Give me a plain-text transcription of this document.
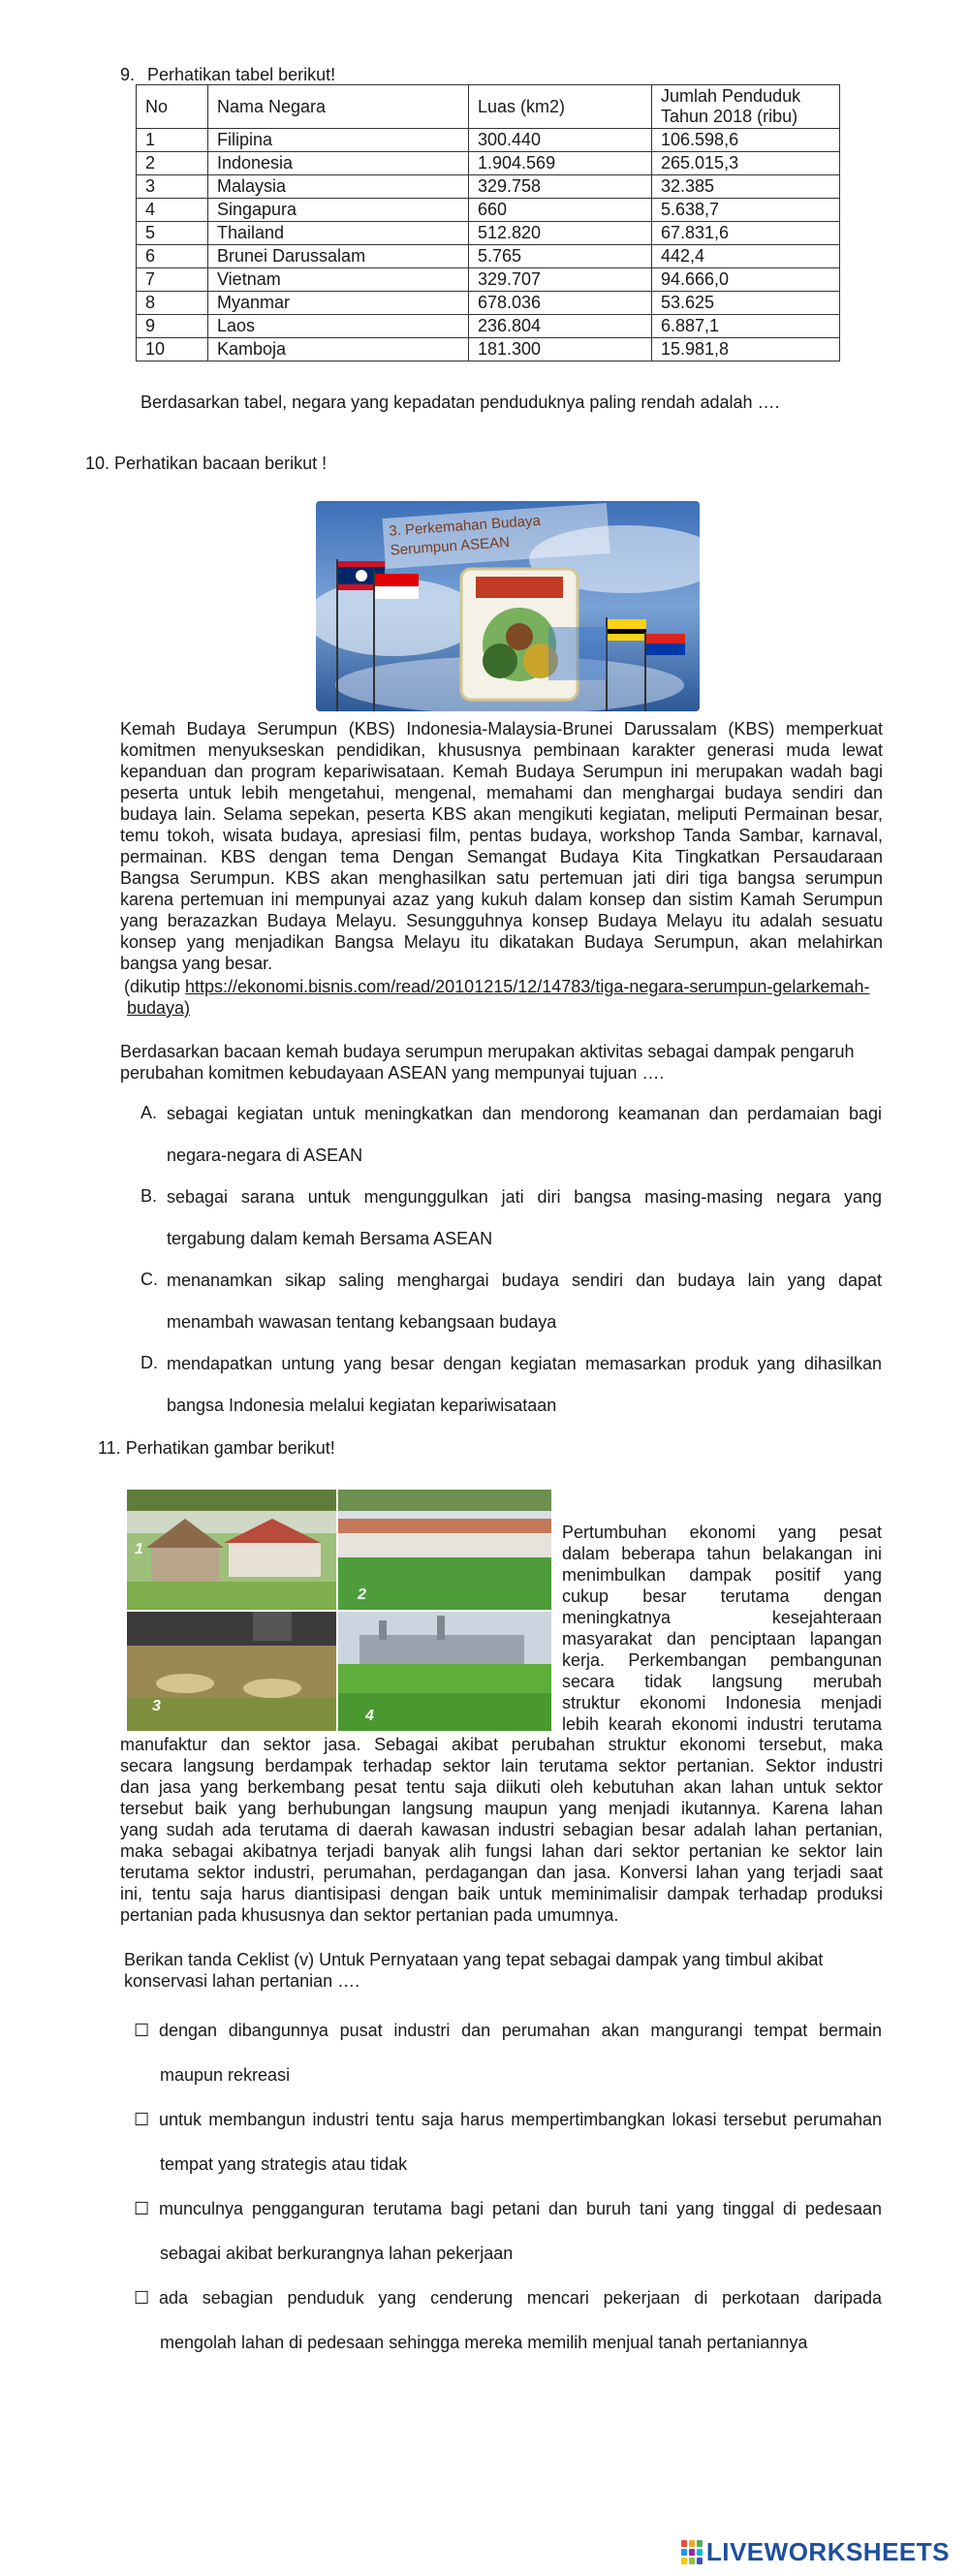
9. Perhatikan tabel berikut!
No	Nama Negara	Luas (km2)	Jumlah Penduduk Tahun 2018 (ribu)
1	Filipina	300.440	106.598,6
2	Indonesia	1.904.569	265.015,3
3	Malaysia	329.758	32.385
4	Singapura	660	5.638,7
5	Thailand	512.820	67.831,6
6	Brunei Darussalam	5.765	442,4
7	Vietnam	329.707	94.666,0
8	Myanmar	678.036	53.625
9	Laos	236.804	6.887,1
10	Kamboja	181.300	15.981,8
Berdasarkan tabel, negara yang kepadatan penduduknya paling rendah adalah ….
10. Perhatikan bacaan berikut !
3. Perkemahan Budaya Serumpun ASEAN
Kemah Budaya Serumpun (KBS) Indonesia-Malaysia-Brunei Darussalam (KBS) memperkuat
komitmen menyukseskan pendidikan, khususnya pembinaan karakter generasi muda lewat
kepanduan dan program kepariwisataan. Kemah Budaya Serumpun ini merupakan wadah bagi
peserta untuk lebih mengetahui, mengenal, memahami dan menghargai budaya sendiri dan
budaya lain. Selama sepekan, peserta KBS akan mengikuti kegiatan, meliputi Permainan besar,
temu tokoh, wisata budaya, apresiasi film, pentas budaya, workshop Tanda Sambar, karnaval,
permainan. KBS dengan tema Dengan Semangat Budaya Kita Tingkatkan Persaudaraan
Bangsa Serumpun. KBS akan menghasilkan satu pertemuan jati diri tiga bangsa serumpun
karena pertemuan ini mempunyai azaz yang kukuh dalam konsep dan sistim Kamah Serumpun
yang berazazkan Budaya Melayu. Sesungguhnya konsep Budaya Melayu itu adalah sesuatu
konsep yang menjadikan Bangsa Melayu itu dikatakan Budaya Serumpun, akan melahirkan
bangsa yang besar.
(dikutip https://ekonomi.bisnis.com/read/20101215/12/14783/tiga-negara-serumpun-gelarkemah-
budaya)
Berdasarkan bacaan kemah budaya serumpun merupakan aktivitas sebagai dampak pengaruh
perubahan komitmen kebudayaan ASEAN yang mempunyai tujuan ….
A. sebagai kegiatan untuk meningkatkan dan mendorong keamanan dan perdamaian bagi
negara-negara di ASEAN
B. sebagai sarana untuk mengunggulkan jati diri bangsa masing-masing negara yang
tergabung dalam kemah Bersama ASEAN
C. menanamkan sikap saling menghargai budaya sendiri dan budaya lain yang dapat
menambah wawasan tentang kebangsaan budaya
D. mendapatkan untung yang besar dengan kegiatan memasarkan produk yang dihasilkan
bangsa Indonesia melalui kegiatan kepariwisataan
11. Perhatikan gambar berikut!
1
2
3
4
Pertumbuhan ekonomi yang pesat
dalam beberapa tahun belakangan ini
menimbulkan dampak positif yang
cukup besar terutama dengan
meningkatnya kesejahteraan
masyarakat dan penciptaan lapangan
kerja. Perkembangan pembangunan
secara tidak langsung merubah
struktur ekonomi Indonesia menjadi
lebih kearah ekonomi industri terutama
manufaktur dan sektor jasa. Sebagai akibat perubahan struktur ekonomi tersebut, maka
secara langsung berdampak terhadap sektor lain terutama sektor pertanian. Sektor industri
dan jasa yang berkembang pesat tentu saja diikuti oleh kebutuhan akan lahan untuk sektor
tersebut baik yang berhubungan langsung maupun yang menjadi ikutannya. Karena lahan
yang sudah ada terutama di daerah kawasan industri sebagian besar adalah lahan pertanian,
maka sebagai akibatnya terjadi banyak alih fungsi lahan dari sektor pertanian ke sektor lain
terutama sektor industri, perumahan, perdagangan dan jasa. Konversi lahan yang terjadi saat
ini, tentu saja harus diantisipasi dengan baik untuk meminimalisir dampak terhadap produksi
pertanian pada khususnya dan sektor pertanian pada umumnya.
Berikan tanda Ceklist (v) Untuk Pernyataan yang tepat sebagai dampak yang timbul akibat
konservasi lahan pertanian ….
☐ dengan dibangunnya pusat industri dan perumahan akan mangurangi tempat bermain
maupun rekreasi
☐ untuk membangun industri tentu saja harus mempertimbangkan lokasi tersebut perumahan
tempat yang strategis atau tidak
☐ munculnya pengganguran terutama bagi petani dan buruh tani yang tinggal di pedesaan
sebagai akibat berkurangnya lahan pekerjaan
☐ ada sebagian penduduk yang cenderung mencari pekerjaan di perkotaan daripada
mengolah lahan di pedesaan sehingga mereka memilih menjual tanah pertaniannya
LIVEWORKSHEETS
